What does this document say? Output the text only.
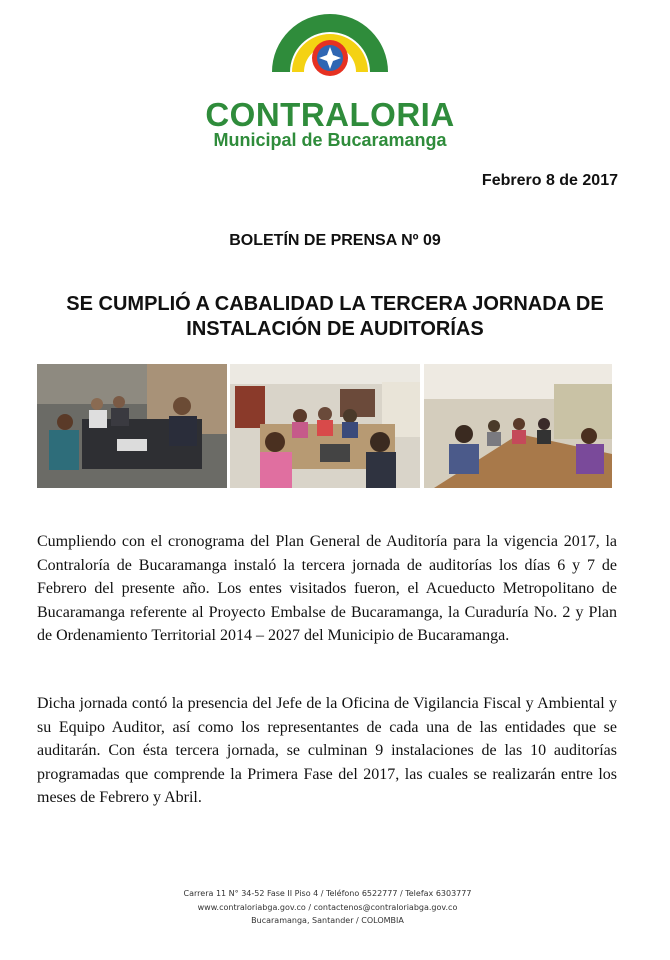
CONTRALORIA
Municipal de Bucaramanga
Febrero 8 de 2017
BOLETÍN DE PRENSA Nº 09
SE CUMPLIÓ A CABALIDAD LA TERCERA JORNADA DE INSTALACIÓN DE AUDITORÍAS

Cumpliendo con el cronograma del Plan General de Auditoría para la vigencia 2017, la Contraloría de Bucaramanga instaló la tercera jornada de auditorías los días 6 y 7 de Febrero del presente año. Los entes visitados fueron, el Acueducto Metropolitano de Bucaramanga referente al Proyecto Embalse de Bucaramanga, la Curaduría No. 2 y Plan de Ordenamiento Territorial 2014 – 2027 del Municipio de Bucaramanga.

Dicha jornada contó la presencia del Jefe de la Oficina de Vigilancia Fiscal y Ambiental y su Equipo Auditor, así como los representantes de cada una de las entidades que se auditarán. Con ésta tercera jornada, se culminan 9 instalaciones de las 10 auditorías programadas que comprende la Primera Fase del 2017, las cuales se realizarán entre los meses de Febrero y Abril.

Carrera 11 N° 34-52 Fase II Piso 4 / Teléfono 6522777 / Telefax 6303777
www.contraloriabga.gov.co / contactenos@contraloriabga.gov.co
Bucaramanga, Santander / COLOMBIA
